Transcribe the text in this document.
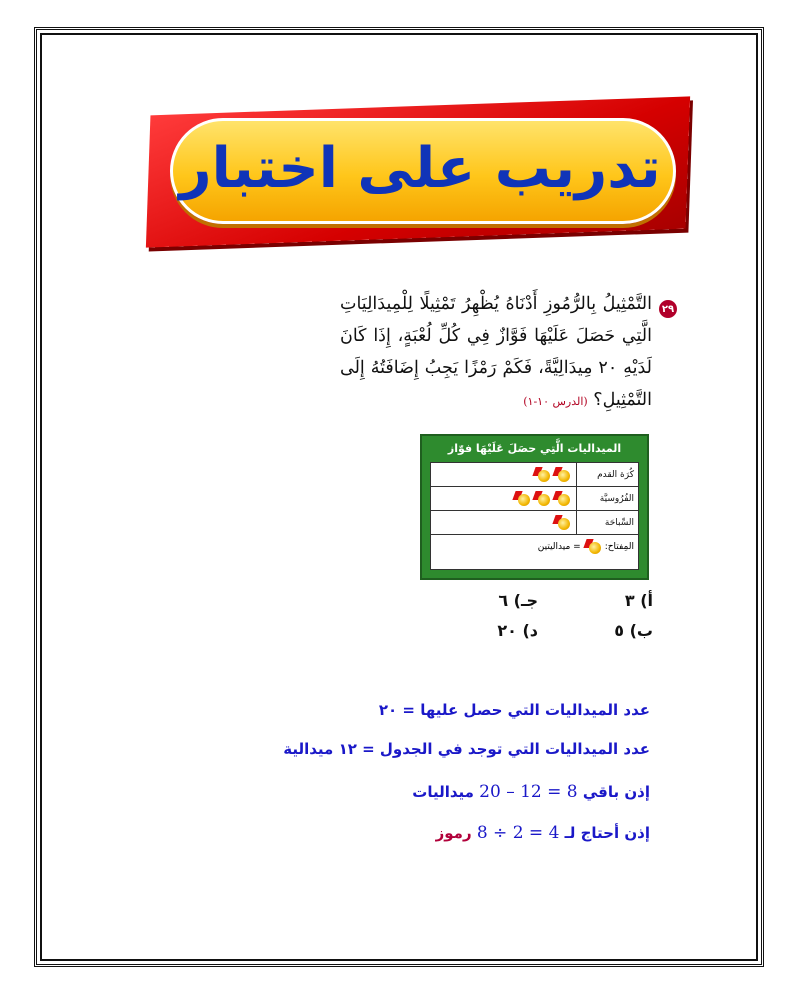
تدريب على اختبار
٢٩
التَّمْثِيلُ بِالرُّمُوزِ أَدْنَاهُ يُظْهِرُ تَمْثِيلًا لِلْمِيدَالِيَاتِ الَّتِي حَصَلَ عَلَيْهَا فَوَّازٌ فِي كُلِّ لُعْبَةٍ، إِذَا كَانَ لَدَيْهِ ٢٠ مِيدَالِيَّةً، فَكَمْ رَمْزًا يَجِبُ إِضَافَتُهُ إِلَى التَّمْثِيلِ؟ (الدرس ١٠-١)
الميداليات الَّتِي حصَلَ عَلَيْهَا فوّاز
كُرَة القدم
الفُرُوسيَّة
السِّباحَة
المِفتاح:
= ميداليتين
أ) ٣
ب) ٥
جـ) ٦
د) ٢٠
عدد الميداليات التي حصل عليها = ٢٠
عدد الميداليات التي توجد في الجدول = ١٢ ميدالية
إذن باقي 20 – 12 = 8 ميداليات
إذن أحتاج لـ 8 ÷ 2 = 4 رموز
